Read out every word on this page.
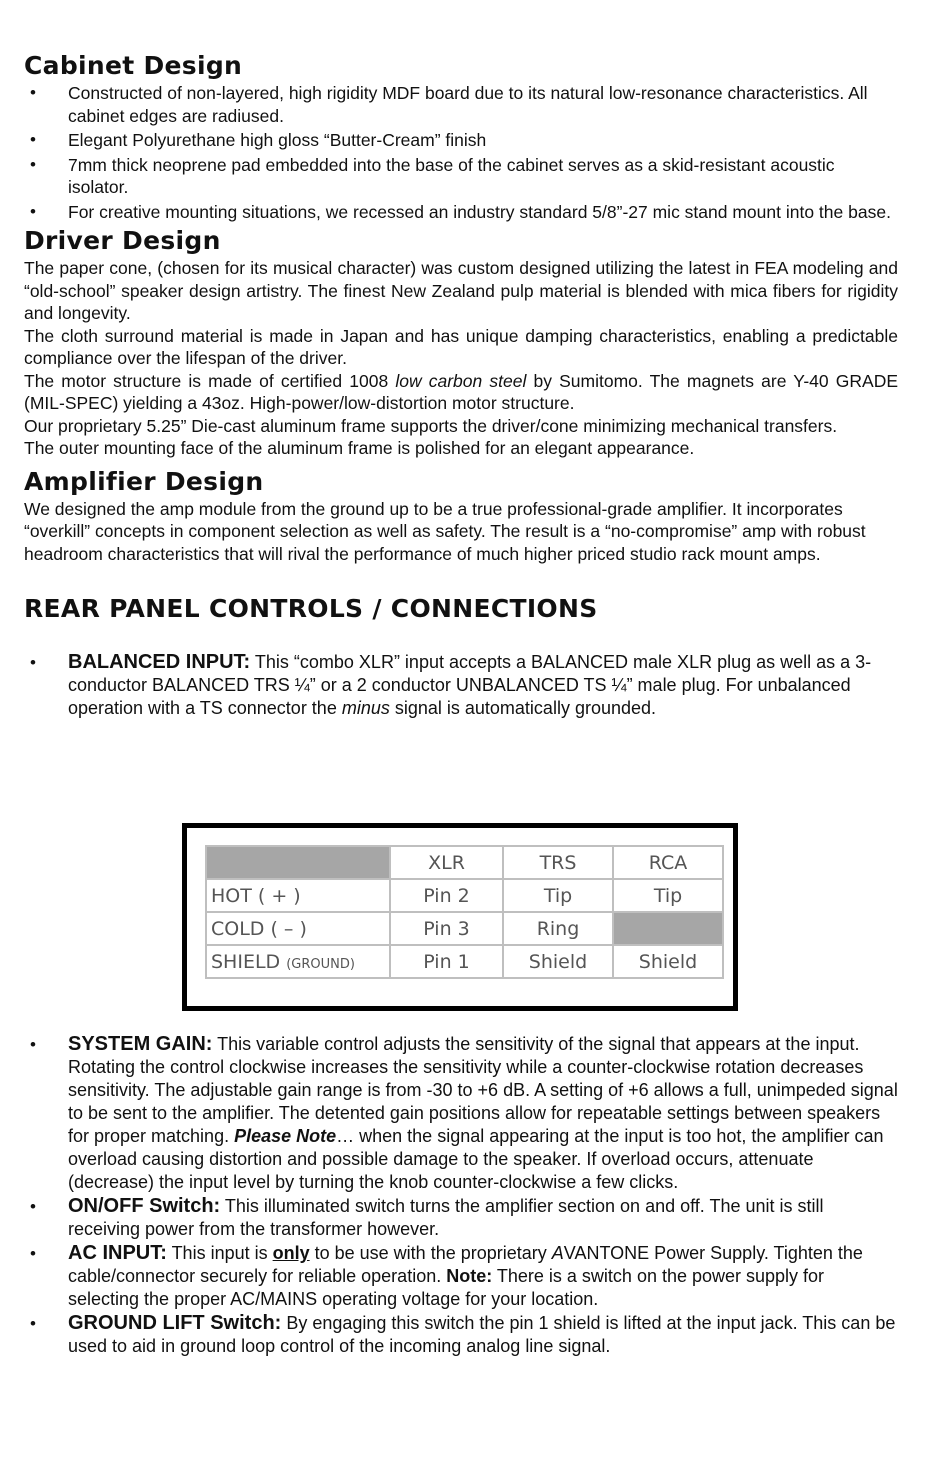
Cabinet Design
• Constructed of non-layered, high rigidity MDF board due to its natural low-resonance characteristics. All cabinet edges are radiused.
• Elegant Polyurethane high gloss “Butter-Cream” finish
• 7mm thick neoprene pad embedded into the base of the cabinet serves as a skid-resistant acoustic isolator.
• For creative mounting situations, we recessed an industry standard 5/8”-27 mic stand mount into the base.
Driver Design

The paper cone, (chosen for its musical character) was custom designed utilizing the latest in FEA modeling and “old-school” speaker design artistry. The finest New Zealand pulp material is blended with mica fibers for rigidity and longevity.

The cloth surround material is made in Japan and has unique damping characteristics, enabling a predictable compliance over the lifespan of the driver.

The motor structure is made of certified 1008 low carbon steel by Sumitomo. The magnets are Y-40 GRADE (MIL-SPEC) yielding a 43oz. High-power/low-distortion motor structure.

Our proprietary 5.25” Die-cast aluminum frame supports the driver/cone minimizing mechanical transfers.

The outer mounting face of the aluminum frame is polished for an elegant appearance.

Amplifier Design

We designed the amp module from the ground up to be a true professional-grade amplifier. It incorporates “overkill” concepts in component selection as well as safety. The result is a “no-compromise” amp with robust headroom characteristics that will rival the performance of much higher priced studio rack mount amps.

REAR PANEL CONTROLS / CONNECTIONS
• BALANCED INPUT: This “combo XLR” input accepts a BALANCED male XLR plug as well as a 3-conductor BALANCED TRS ¼” or a 2 conductor UNBALANCED TS ¼” male plug. For unbalanced operation with a TS connector the minus signal is automatically grounded.
• SYSTEM GAIN: This variable control adjusts the sensitivity of the signal that appears at the input. Rotating the control clockwise increases the sensitivity while a counter-clockwise rotation decreases sensitivity. The adjustable gain range is from -30 to +6 dB. A setting of +6 allows a full, unimpeded signal to be sent to the amplifier. The detented gain positions allow for repeatable settings between speakers for proper matching. Please Note… when the signal appearing at the input is too hot, the amplifier can overload causing distortion and possible damage to the speaker. If overload occurs, attenuate (decrease) the input level by turning the knob counter-clockwise a few clicks.
• ON/OFF Switch: This illuminated switch turns the amplifier section on and off. The unit is still receiving power from the transformer however.
• AC INPUT: This input is only to be use with the proprietary AVANTONE Power Supply. Tighten the cable/connector securely for reliable operation. Note: There is a switch on the power supply for selecting the proper AC/MAINS operating voltage for your location.
• GROUND LIFT Switch: By engaging this switch the pin 1 shield is lifted at the input jack. This can be used to aid in ground loop control of the incoming analog line signal.
	XLR	TRS	RCA
HOT ( + )	Pin 2	Tip	Tip
COLD ( – )	Pin 3	Ring	
SHIELD (GROUND)	Pin 1	Shield	Shield
